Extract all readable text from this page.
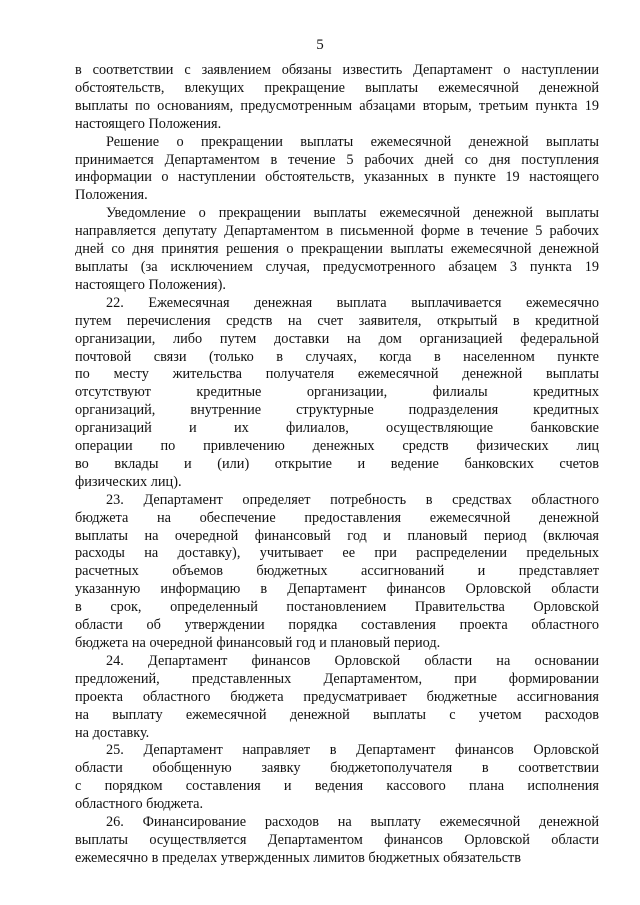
5
в соответствии с заявлением обязаны известить Департамент о наступлении
обстоятельств, влекущих прекращение выплаты ежемесячной денежной
выплаты по основаниям, предусмотренным абзацами вторым, третьим пункта 19
настоящего Положения.
Решение о прекращении выплаты ежемесячной денежной выплаты
принимается Департаментом в течение 5 рабочих дней со дня поступления
информации о наступлении обстоятельств, указанных в пункте 19 настоящего
Положения.
Уведомление о прекращении выплаты ежемесячной денежной выплаты
направляется депутату Департаментом в письменной форме в течение 5 рабочих
дней со дня принятия решения о прекращении выплаты ежемесячной денежной
выплаты (за исключением случая, предусмотренного абзацем 3 пункта 19
настоящего Положения).
22. Ежемесячная денежная выплата выплачивается ежемесячно
путем перечисления средств на счет заявителя, открытый в кредитной
организации, либо путем доставки на дом организацией федеральной
почтовой связи (только в случаях, когда в населенном пункте
по месту жительства получателя ежемесячной денежной выплаты
отсутствуют кредитные организации, филиалы кредитных
организаций, внутренние структурные подразделения кредитных
организаций и их филиалов, осуществляющие банковские
операции по привлечению денежных средств физических лиц
во вклады и (или) открытие и ведение банковских счетов
физических лиц).
23. Департамент определяет потребность в средствах областного
бюджета на обеспечение предоставления ежемесячной денежной
выплаты на очередной финансовый год и плановый период (включая
расходы на доставку), учитывает ее при распределении предельных
расчетных объемов бюджетных ассигнований и представляет
указанную информацию в Департамент финансов Орловской области
в срок, определенный постановлением Правительства Орловской
области об утверждении порядка составления проекта областного
бюджета на очередной финансовый год и плановый период.
24. Департамент финансов Орловской области на основании
предложений, представленных Департаментом, при формировании
проекта областного бюджета предусматривает бюджетные ассигнования
на выплату ежемесячной денежной выплаты с учетом расходов
на доставку.
25. Департамент направляет в Департамент финансов Орловской
области обобщенную заявку бюджетополучателя в соответствии
с порядком составления и ведения кассового плана исполнения
областного бюджета.
26. Финансирование расходов на выплату ежемесячной денежной
выплаты осуществляется Департаментом финансов Орловской области
ежемесячно в пределах утвержденных лимитов бюджетных обязательств
